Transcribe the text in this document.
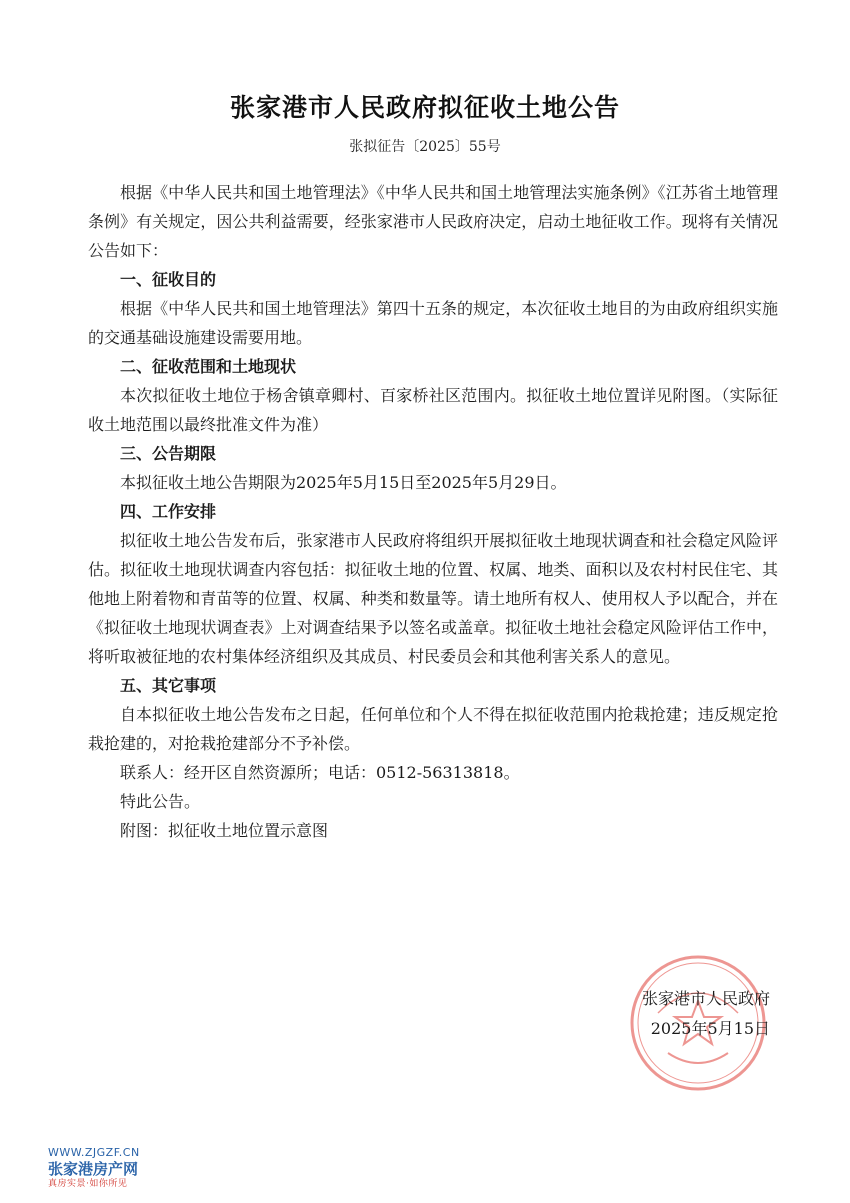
张家港市人民政府拟征收土地公告
张拟征告〔2025〕55号

根据《中华人民共和国土地管理法》《中华人民共和国土地管理法实施条例》《江苏省土地管理条例》有关规定，因公共利益需要，经张家港市人民政府决定，启动土地征收工作。现将有关情况公告如下：

一、征收目的

根据《中华人民共和国土地管理法》第四十五条的规定，本次征收土地目的为由政府组织实施的交通基础设施建设需要用地。

二、征收范围和土地现状

本次拟征收土地位于杨舍镇章卿村、百家桥社区范围内。拟征收土地位置详见附图。（实际征收土地范围以最终批准文件为准）

三、公告期限

本拟征收土地公告期限为2025年5月15日至2025年5月29日。

四、工作安排

拟征收土地公告发布后，张家港市人民政府将组织开展拟征收土地现状调查和社会稳定风险评估。拟征收土地现状调查内容包括：拟征收土地的位置、权属、地类、面积以及农村村民住宅、其他地上附着物和青苗等的位置、权属、种类和数量等。请土地所有权人、使用权人予以配合，并在《拟征收土地现状调查表》上对调查结果予以签名或盖章。拟征收土地社会稳定风险评估工作中，将听取被征地的农村集体经济组织及其成员、村民委员会和其他利害关系人的意见。

五、其它事项

自本拟征收土地公告发布之日起，任何单位和个人不得在拟征收范围内抢栽抢建；违反规定抢栽抢建的，对抢栽抢建部分不予补偿。

联系人：经开区自然资源所；电话：0512-56313818。

特此公告。

附图：拟征收土地位置示意图

张家港市人民政府
2025年5月15日
WWW.ZJGZF.CN
张家港房产网
真房实景·如你所见
